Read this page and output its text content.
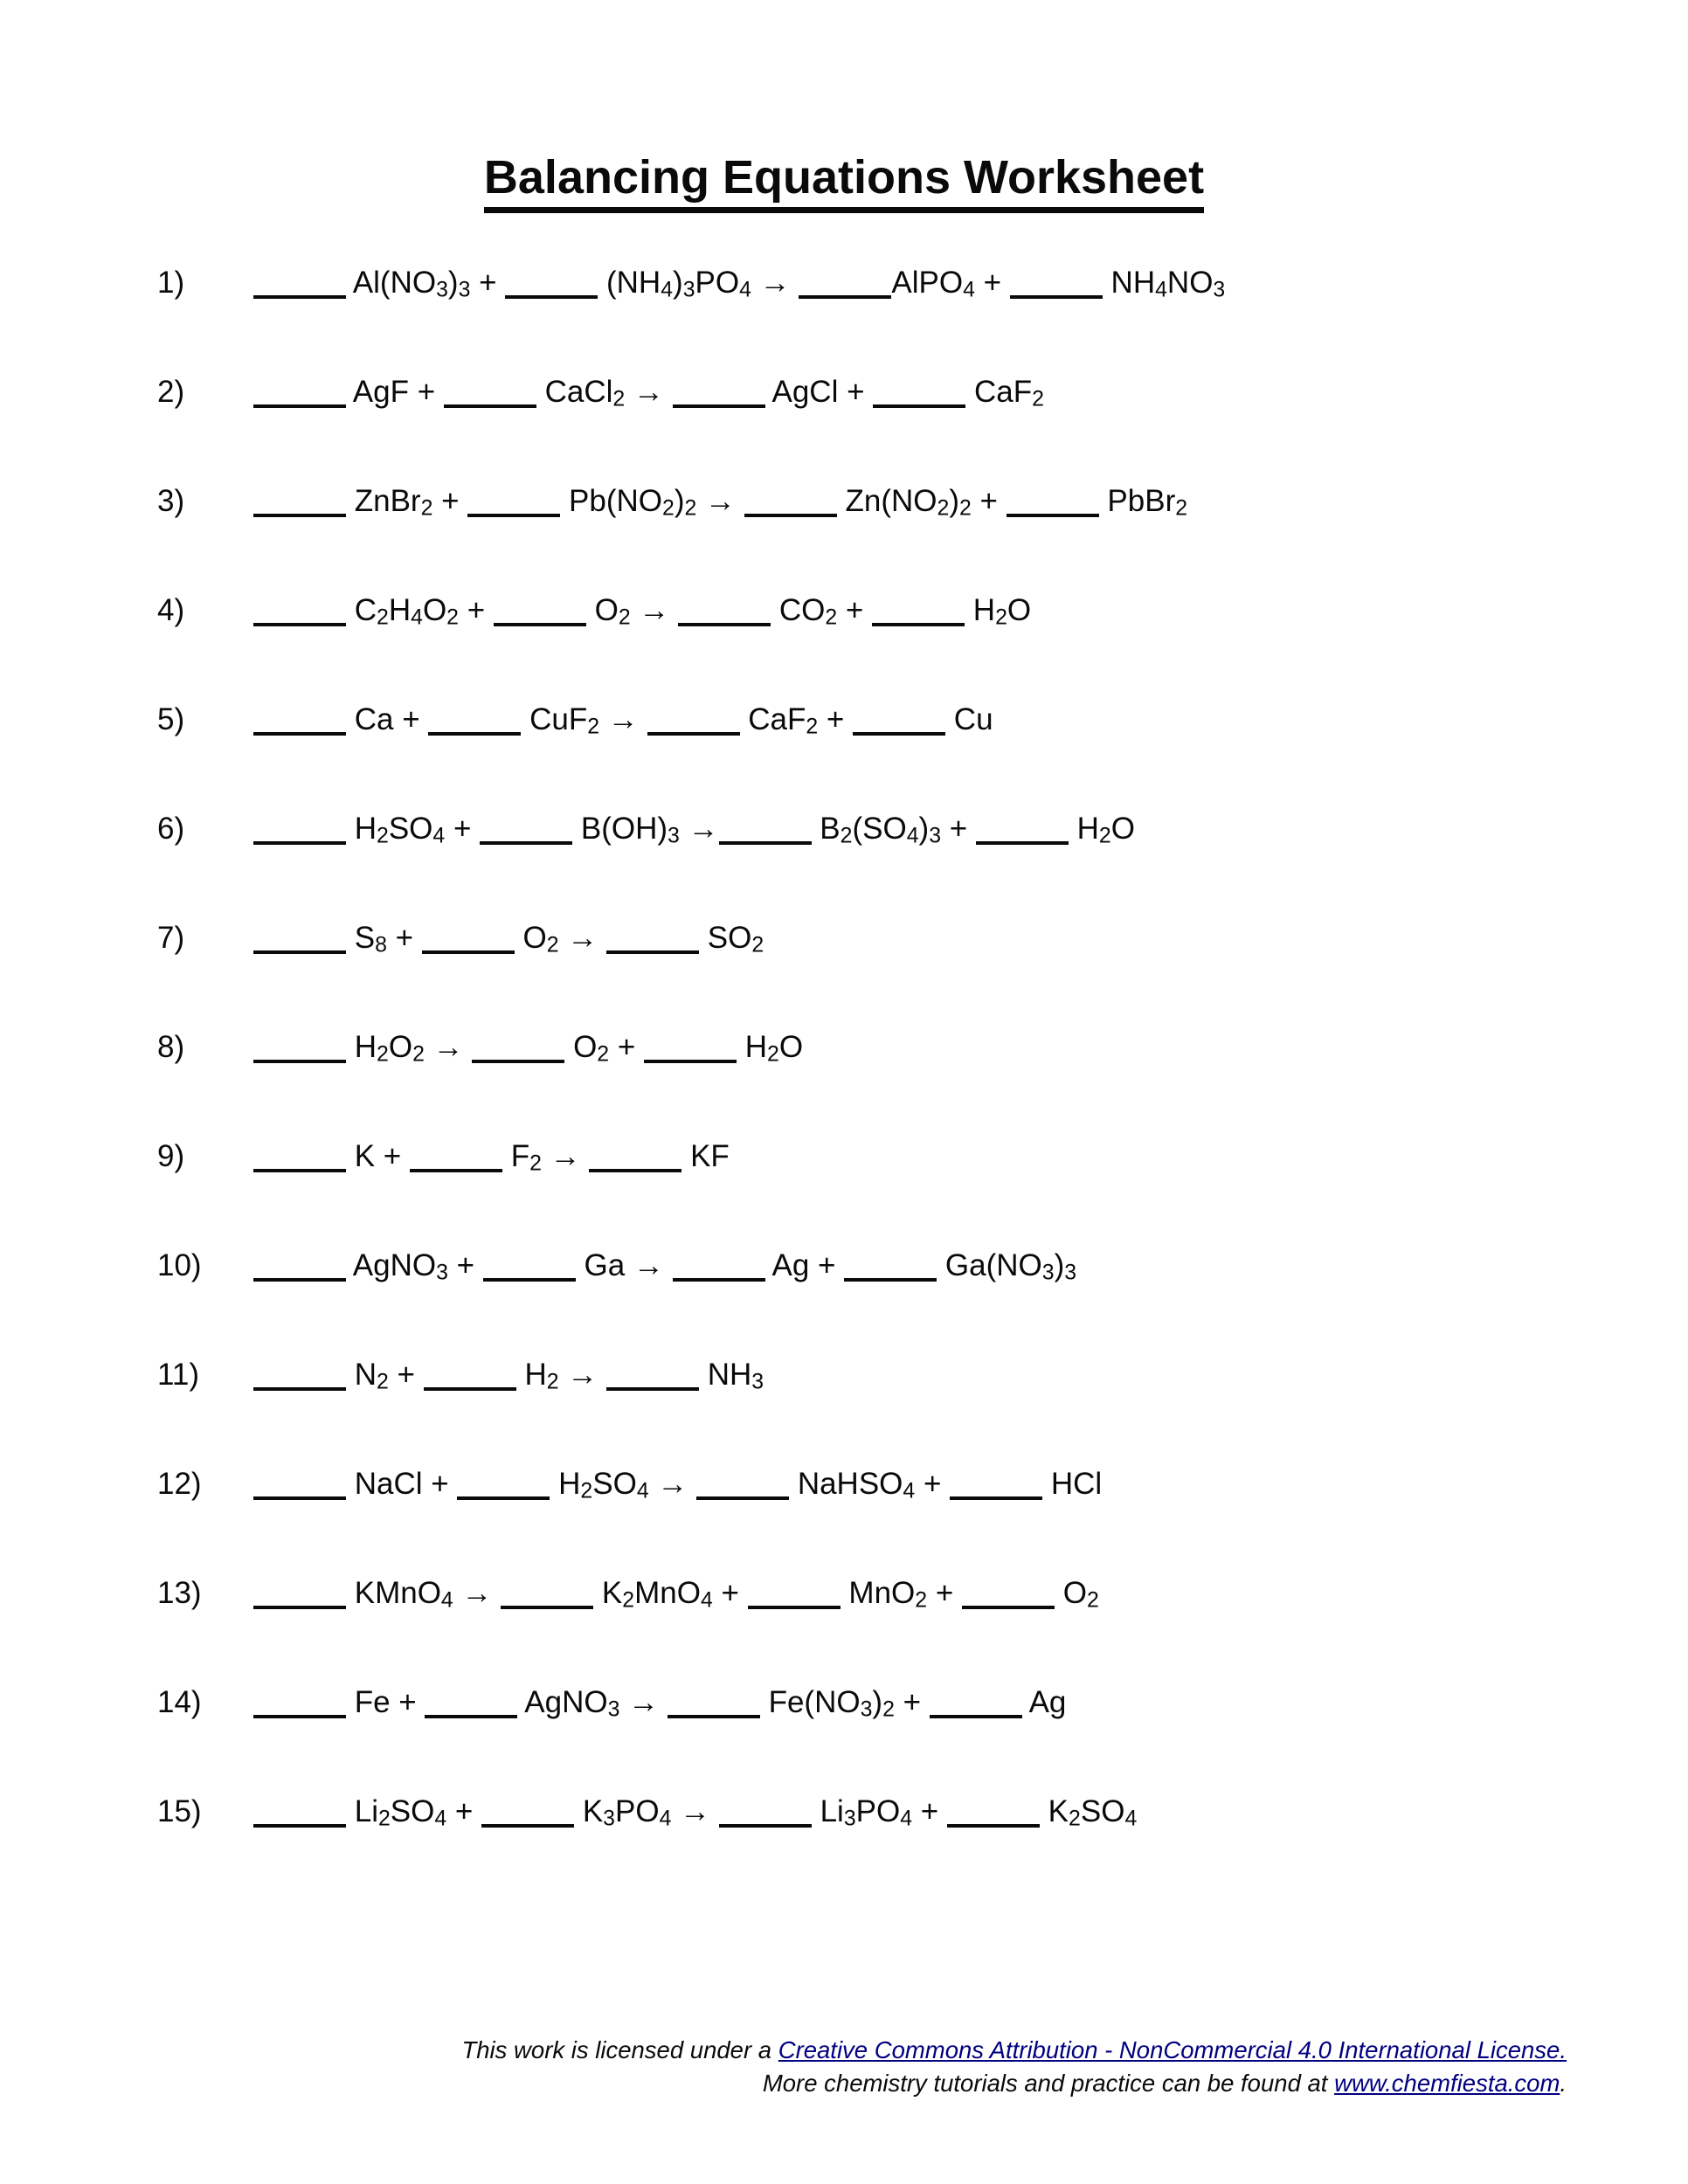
Balancing Equations Worksheet
1)	$Al(NO_3)_3$ +	$(NH_4)_3PO_4$ →	AlPO$_4$ +	$NH_4NO_3$
2)	AgF +	CaCl$_2$ →	AgCl +	CaF$_2$
3)	ZnBr$_2$ +	$Pb(NO_2)_2$ →	$Zn(NO_2)_2$ +	PbBr$_2$
4)	$C_2H_4O_2$ +	$O_2$ →	$CO_2$ +	$H_2O$
5)	Ca +	CuF$_2$ →	CaF$_2$ +	Cu
6)	$H_2SO_4$ +	$B(OH)_3$ →	$B_2(SO_4)_3$ +	$H_2O$
7)	$S_8$ +	$O_2$ →	$SO_2$
8)	$H_2O_2$ →	$O_2$ +	$H_2O$
9)	K +	$F_2$ →	KF
10)	AgNO$_3$ +	Ga →	Ag +	$Ga(NO_3)_3$
11)	$N_2$ +	$H_2$ →	$NH_3$
12)	NaCl +	$H_2SO_4$ →	NaHSO$_4$ +	HCl
13)	KMnO$_4$ →	$K_2MnO_4$ +	MnO$_2$ +	$O_2$
14)	Fe +	AgNO$_3$ →	$Fe(NO_3)_2$ +	Ag
15)	$Li_2SO_4$ +	$K_3PO_4$ →	$Li_3PO_4$ +	$K_2SO_4$
This work is licensed under a Creative Commons Attribution - NonCommercial 4.0 International License.
More chemistry tutorials and practice can be found at www.chemfiesta.com.
